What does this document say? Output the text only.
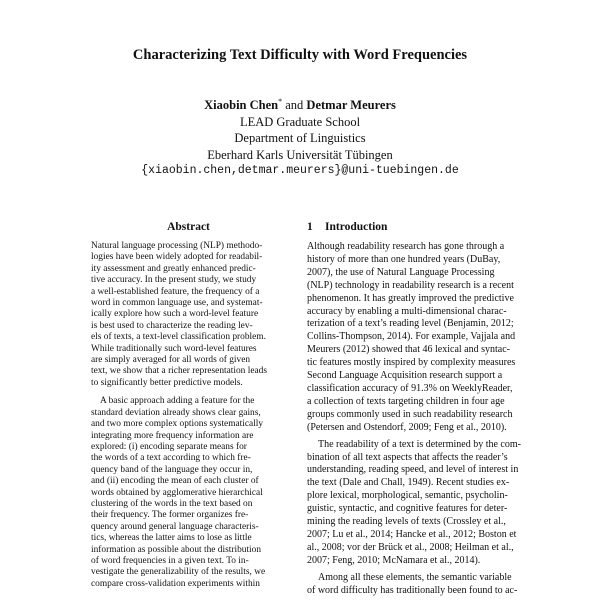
Characterizing Text Difficulty with Word Frequencies
Xiaobin Chen* and Detmar Meurers
LEAD Graduate School
Department of Linguistics
Eberhard Karls Universität Tübingen
{xiaobin.chen,detmar.meurers}@uni-tuebingen.de
Abstract
Natural language processing (NLP) methodo-
logies have been widely adopted for readabil-
ity assessment and greatly enhanced predic-
tive accuracy. In the present study, we study
a well-established feature, the frequency of a
word in common language use, and systemat-
ically explore how such a word-level feature
is best used to characterize the reading lev-
els of texts, a text-level classification problem.
While traditionally such word-level features
are simply averaged for all words of given
text, we show that a richer representation leads
to significantly better predictive models.
A basic approach adding a feature for the
standard deviation already shows clear gains,
and two more complex options systematically
integrating more frequency information are
explored: (i) encoding separate means for
the words of a text according to which fre-
quency band of the language they occur in,
and (ii) encoding the mean of each cluster of
words obtained by agglomerative hierarchical
clustering of the words in the text based on
their frequency. The former organizes fre-
quency around general language characteris-
tics, whereas the latter aims to lose as little
information as possible about the distribution
of word frequencies in a given text. To in-
vestigate the generalizability of the results, we
compare cross-validation experiments within
1 Introduction
Although readability research has gone through a
history of more than one hundred years (DuBay,
2007), the use of Natural Language Processing
(NLP) technology in readability research is a recent
phenomenon. It has greatly improved the predictive
accuracy by enabling a multi-dimensional charac-
terization of a text’s reading level (Benjamin, 2012;
Collins-Thompson, 2014). For example, Vajjala and
Meurers (2012) showed that 46 lexical and syntac-
tic features mostly inspired by complexity measures
Second Language Acquisition research support a
classification accuracy of 91.3% on WeeklyReader,
a collection of texts targeting children in four age
groups commonly used in such readability research
(Petersen and Ostendorf, 2009; Feng et al., 2010).
The readability of a text is determined by the com-
bination of all text aspects that affects the reader’s
understanding, reading speed, and level of interest in
the text (Dale and Chall, 1949). Recent studies ex-
plore lexical, morphological, semantic, psycholin-
guistic, syntactic, and cognitive features for deter-
mining the reading levels of texts (Crossley et al.,
2007; Lu et al., 2014; Hancke et al., 2012; Boston et
al., 2008; vor der Brück et al., 2008; Heilman et al.,
2007; Feng, 2010; McNamara et al., 2014).
Among all these elements, the semantic variable
of word difficulty has traditionally been found to ac-
